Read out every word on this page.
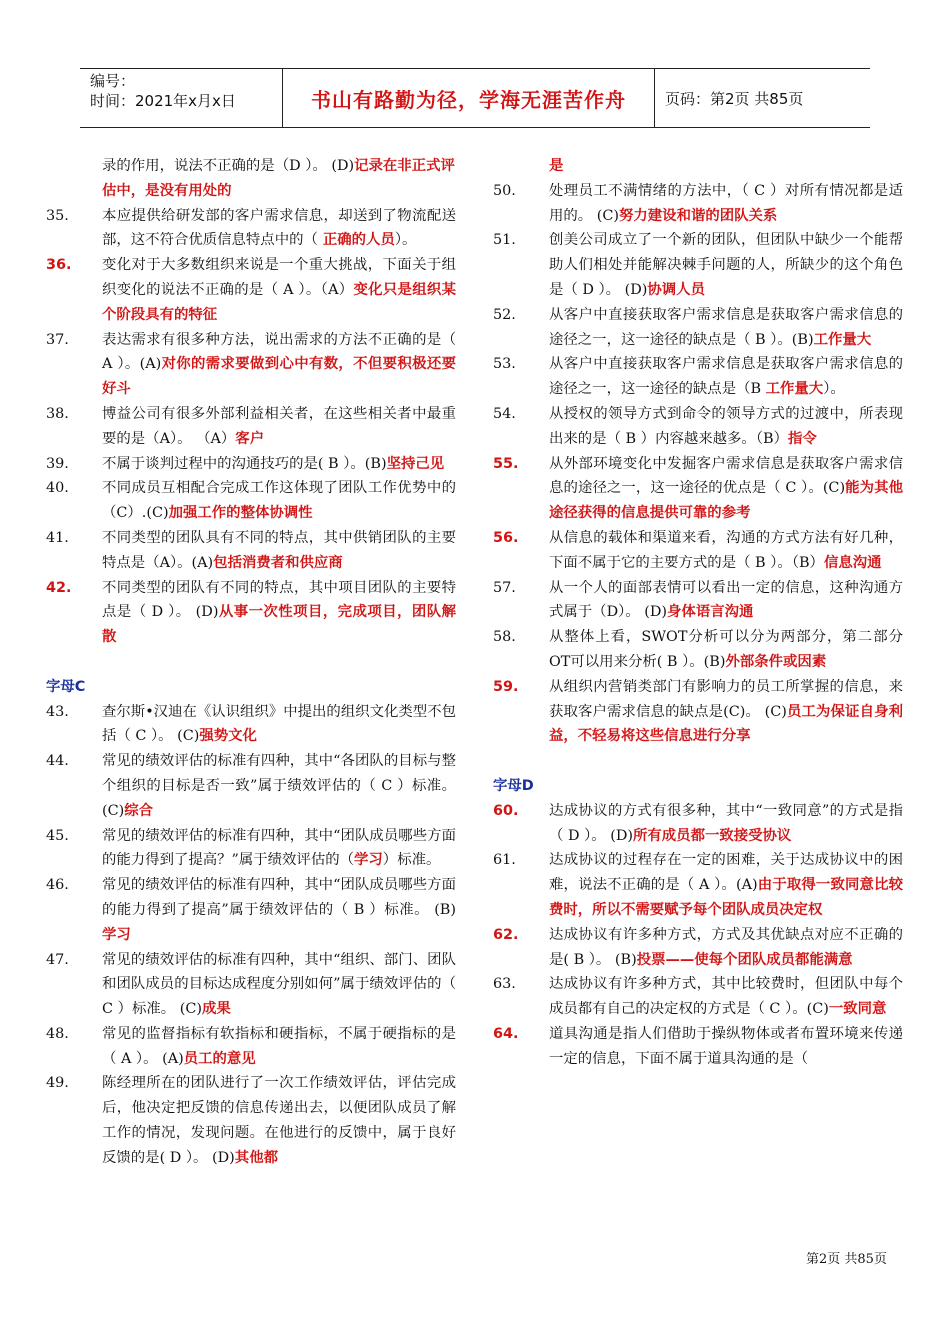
编号：
时间：2021年x月x日	书山有路勤为径，学海无涯苦作舟	页码：第2页 共85页
录的作用，说法不正确的是（D ）。 (D)记录在非正式评估中，是没有用处的
35.	本应提供给研发部的客户需求信息，却送到了物流配送部，这不符合优质信息特点中的（ 正确的人员）。
36.	变化对于大多数组织来说是一个重大挑战，下面关于组织变化的说法不正确的是（ A ）。（A）变化只是组织某个阶段具有的特征
37.	表达需求有很多种方法，说出需求的方法不正确的是（ A ）。(A)对你的需求要做到心中有数，不但要积极还要好斗
38.	博益公司有很多外部利益相关者，在这些相关者中最重要的是（A）。 （A）客户
39.	不属于谈判过程中的沟通技巧的是( B ）。(B)坚持己见
40.	不同成员互相配合完成工作这体现了团队工作优势中的（C）.(C)加强工作的整体协调性
41.	不同类型的团队具有不同的特点，其中供销团队的主要特点是（A）。(A)包括消费者和供应商
42.	不同类型的团队有不同的特点，其中项目团队的主要特点是（ D ）。 (D)从事一次性项目，完成项目，团队解散
字母C
43.	查尔斯•汉迪在《认识组织》中提出的组织文化类型不包括（ C ）。 (C)强势文化
44.	常见的绩效评估的标准有四种，其中“各团队的目标与整个组织的目标是否一致”属于绩效评估的（ C ）标准。 (C)综合
45.	常见的绩效评估的标准有四种，其中“团队成员哪些方面的能力得到了提高？”属于绩效评估的（学习）标准。
46.	常见的绩效评估的标准有四种，其中“团队成员哪些方面的能力得到了提高”属于绩效评估的（ B ）标准。 (B)学习
47.	常见的绩效评估的标准有四种，其中“组织、部门、团队和团队成员的目标达成程度分别如何”属于绩效评估的（ C ）标准。 (C)成果
48.	常见的监督指标有软指标和硬指标，不属于硬指标的是（ A ）。 (A)员工的意见
49.	陈经理所在的团队进行了一次工作绩效评估，评估完成后，他决定把反馈的信息传递出去，以便团队成员了解工作的情况，发现问题。在他进行的反馈中，属于良好反馈的是( D ）。 (D)其他都
是
50.	处理员工不满情绪的方法中，（ C ）对所有情况都是适用的。 (C)努力建设和谐的团队关系
51.	创美公司成立了一个新的团队，但团队中缺少一个能帮助人们相处并能解决棘手问题的人，所缺少的这个角色是（ D ）。 (D)协调人员
52.	从客户中直接获取客户需求信息是获取客户需求信息的途径之一，这一途径的缺点是（ B ）。(B)工作量大
53.	从客户中直接获取客户需求信息是获取客户需求信息的途径之一，这一途径的缺点是（B 工作量大）。
54.	从授权的领导方式到命令的领导方式的过渡中，所表现出来的是（ B ）内容越来越多。（B）指令
55.	从外部环境变化中发掘客户需求信息是获取客户需求信息的途径之一，这一途径的优点是（ C ）。(C)能为其他途径获得的信息提供可靠的参考
56.	从信息的载体和渠道来看，沟通的方式方法有好几种，下面不属于它的主要方式的是（ B ）。（B）信息沟通
57.	从一个人的面部表情可以看出一定的信息，这种沟通方式属于（D）。 (D)身体语言沟通
58.	从整体上看，SWOT分析可以分为两部分，第二部分OT可以用来分析( B ）。(B)外部条件或因素
59.	从组织内营销类部门有影响力的员工所掌握的信息，来获取客户需求信息的缺点是(C)。 (C)员工为保证自身利益，不轻易将这些信息进行分享
字母D
60.	达成协议的方式有很多种，其中“一致同意”的方式是指（ D ）。 (D)所有成员都一致接受协议
61.	达成协议的过程存在一定的困难，关于达成协议中的困难，说法不正确的是（ A ）。(A)由于取得一致同意比较费时，所以不需要赋予每个团队成员决定权
62.	达成协议有许多种方式，方式及其优缺点对应不正确的是( B ）。 (B)投票——使每个团队成员都能满意
63.	达成协议有许多种方式，其中比较费时，但团队中每个成员都有自己的决定权的方式是（ C ）。(C)一致同意
64.	道具沟通是指人们借助于操纵物体或者布置环境来传递一定的信息，下面不属于道具沟通的是（
第2页 共85页
